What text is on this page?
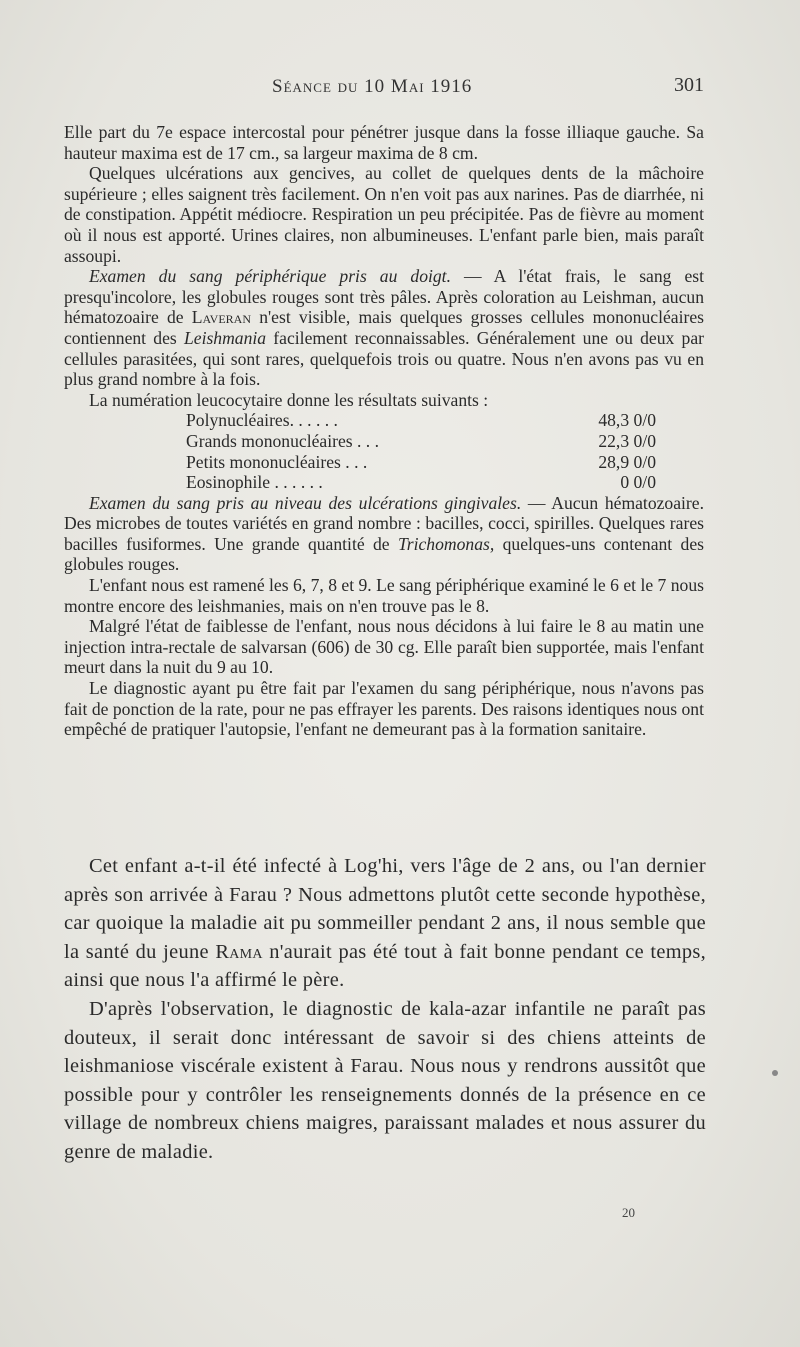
Séance du 10 Mai 1916	301

Elle part du 7e espace intercostal pour pénétrer jusque dans la fosse illiaque gauche. Sa hauteur maxima est de 17 cm., sa largeur maxima de 8 cm.

Quelques ulcérations aux gencives, au collet de quelques dents de la mâchoire supérieure ; elles saignent très facilement. On n'en voit pas aux narines. Pas de diarrhée, ni de constipation. Appétit médiocre. Respiration un peu précipitée. Pas de fièvre au moment où il nous est apporté. Urines claires, non albumineuses. L'enfant parle bien, mais paraît assoupi.

Examen du sang périphérique pris au doigt. — A l'état frais, le sang est presqu'incolore, les globules rouges sont très pâles. Après coloration au Leishman, aucun hématozoaire de Laveran n'est visible, mais quelques grosses cellules mononucléaires contiennent des Leishmania facilement reconnaissables. Généralement une ou deux par cellules parasitées, qui sont rares, quelquefois trois ou quatre. Nous n'en avons pas vu en plus grand nombre à la fois.

La numération leucocytaire donne les résultats suivants :

Polynucléaires. . . . . .	48,3 0/0
Grands mononucléaires . . .	22,3 0/0
Petits mononucléaires . . .	28,9 0/0
Eosinophile . . . . . .	0 0/0

Examen du sang pris au niveau des ulcérations gingivales. — Aucun hématozoaire. Des microbes de toutes variétés en grand nombre : bacilles, cocci, spirilles. Quelques rares bacilles fusiformes. Une grande quantité de Trichomonas, quelques-uns contenant des globules rouges.

L'enfant nous est ramené les 6, 7, 8 et 9. Le sang périphérique examiné le 6 et le 7 nous montre encore des leishmanies, mais on n'en trouve pas le 8.

Malgré l'état de faiblesse de l'enfant, nous nous décidons à lui faire le 8 au matin une injection intra-rectale de salvarsan (606) de 30 cg. Elle paraît bien supportée, mais l'enfant meurt dans la nuit du 9 au 10.

Le diagnostic ayant pu être fait par l'examen du sang périphérique, nous n'avons pas fait de ponction de la rate, pour ne pas effrayer les parents. Des raisons identiques nous ont empêché de pratiquer l'autopsie, l'enfant ne demeurant pas à la formation sanitaire.

Cet enfant a-t-il été infecté à Log'hi, vers l'âge de 2 ans, ou l'an dernier après son arrivée à Farau ? Nous admettons plutôt cette seconde hypothèse, car quoique la maladie ait pu sommeiller pendant 2 ans, il nous semble que la santé du jeune Rama n'aurait pas été tout à fait bonne pendant ce temps, ainsi que nous l'a affirmé le père.

D'après l'observation, le diagnostic de kala-azar infantile ne paraît pas douteux, il serait donc intéressant de savoir si des chiens atteints de leishmaniose viscérale existent à Farau. Nous nous y rendrons aussitôt que possible pour y contrôler les renseignements donnés de la présence en ce village de nombreux chiens maigres, paraissant malades et nous assurer du genre de maladie.

20
